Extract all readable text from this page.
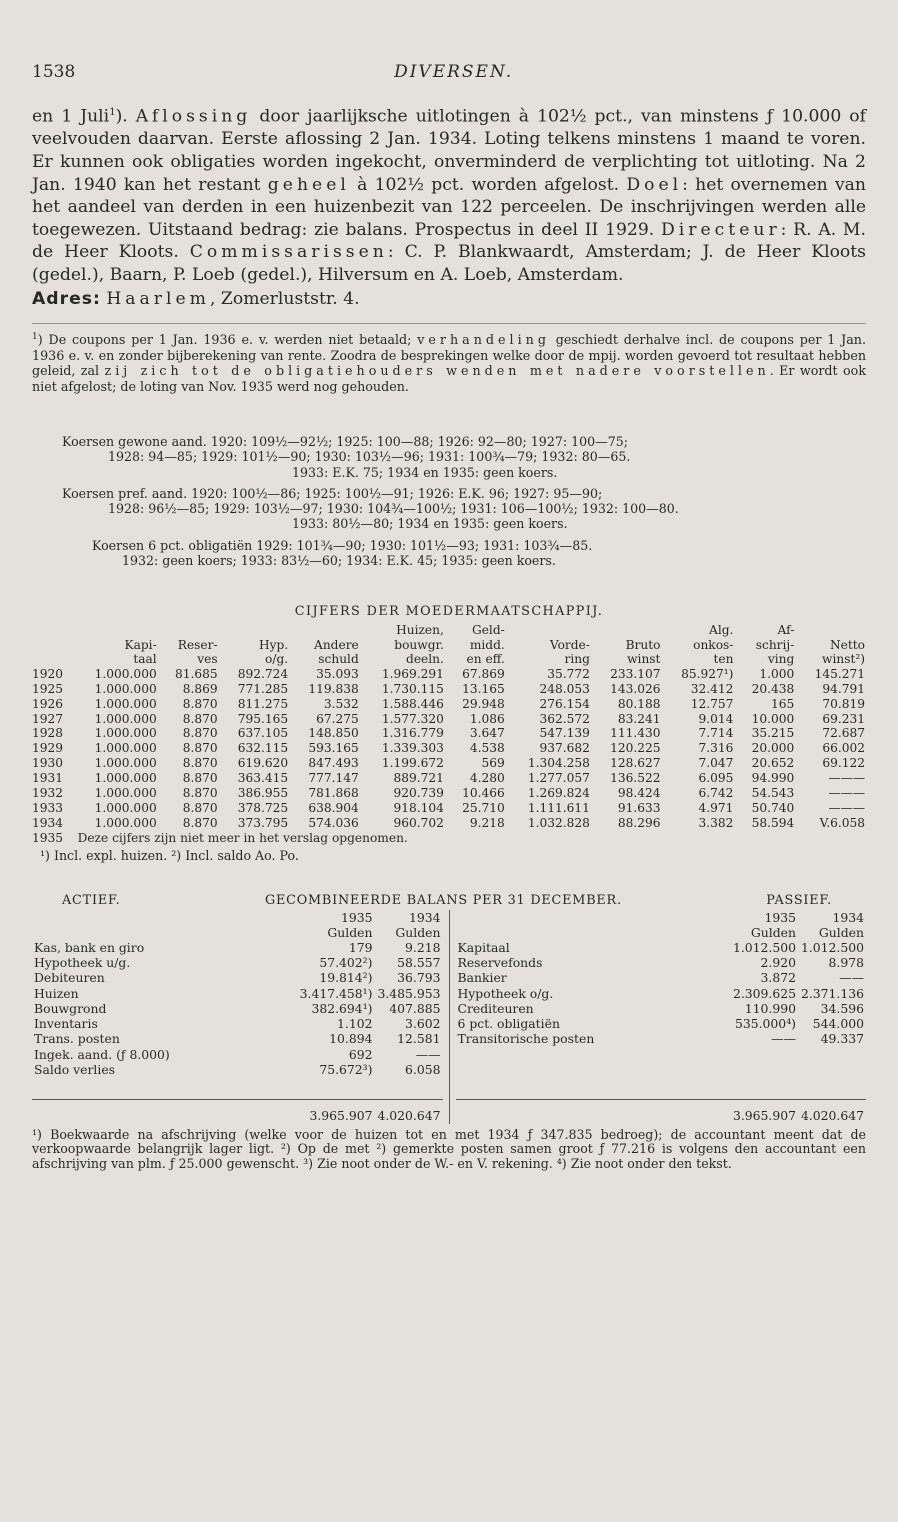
1538	DIVERSEN.

en 1 Juli$^1$). Aflossing door jaarlijksche uitlotingen à 102½ pct., van minstens ƒ 10.000 of veelvouden daarvan. Eerste aflossing 2 Jan. 1934. Loting telkens minstens 1 maand te voren. Er kunnen ook obligaties worden ingekocht, onverminderd de verplichting tot uitloting. Na 2 Jan. 1940 kan het restant geheel à 102½ pct. worden afgelost. Doel: het overnemen van het aandeel van derden in een huizenbezit van 122 perceelen. De inschrijvingen werden alle toegewezen. Uitstaand bedrag: zie balans. Prospectus in deel II 1929. Directeur: R. A. M. de Heer Kloots. Commissarissen: C. P. Blankwaardt, Amsterdam; J. de Heer Kloots (gedel.), Baarn, P. Loeb (gedel.), Hilversum en A. Loeb, Amsterdam.

Adres: Haarlem, Zomerluststr. 4.

$^1$) De coupons per 1 Jan. 1936 e. v. werden niet betaald; verhandeling geschiedt derhalve incl. de coupons per 1 Jan. 1936 e. v. en zonder bijberekening van rente. Zoodra de besprekingen welke door de mpij. worden gevoerd tot resultaat hebben geleid, zal zij zich tot de obligatiehouders wenden met nadere voorstellen. Er wordt ook niet afgelost; de loting van Nov. 1935 werd nog gehouden.
Koersen gewone aand. 1920: 109½—92½; 1925: 100—88; 1926: 92—80; 1927: 100—75;
1928: 94—85; 1929: 101½—90; 1930: 103½—96; 1931: 100¾—79; 1932: 80—65.
1933: E.K. 75; 1934 en 1935: geen koers.
Koersen pref. aand. 1920: 100½—86; 1925: 100½—91; 1926: E.K. 96; 1927: 95—90;
1928: 96½—85; 1929: 103½—97; 1930: 104¾—100½; 1931: 106—100½; 1932: 100—80.
1933: 80½—80; 1934 en 1935: geen koers.
Koersen 6 pct. obligatiën 1929: 101¾—90; 1930: 101½—93; 1931: 103¾—85.
1932: geen koers; 1933: 83½—60; 1934: E.K. 45; 1935: geen koers.
CIJFERS DER MOEDERMAATSCHAPPIJ.
					Huizen,	Geld-			Alg.	Af-	
	Kapi-	Reser-	Hyp.	Andere	bouwgr.	midd.	Vorde-	Bruto	onkos-	schrij-	Netto
	taal	ves	o/g.	schuld	deeln.	en eff.	ring	winst	ten	ving	winst²)
1920	1.000.000	81.685	892.724	35.093	1.969.291	67.869	35.772	233.107	85.927¹)	1.000	145.271
1925	1.000.000	8.869	771.285	119.838	1.730.115	13.165	248.053	143.026	32.412	20.438	94.791
1926	1.000.000	8.870	811.275	3.532	1.588.446	29.948	276.154	80.188	12.757	165	70.819
1927	1.000.000	8.870	795.165	67.275	1.577.320	1.086	362.572	83.241	9.014	10.000	69.231
1928	1.000.000	8.870	637.105	148.850	1.316.779	3.647	547.139	111.430	7.714	35.215	72.687
1929	1.000.000	8.870	632.115	593.165	1.339.303	4.538	937.682	120.225	7.316	20.000	66.002
1930	1.000.000	8.870	619.620	847.493	1.199.672	569	1.304.258	128.627	7.047	20.652	69.122
1931	1.000.000	8.870	363.415	777.147	889.721	4.280	1.277.057	136.522	6.095	94.990	———
1932	1.000.000	8.870	386.955	781.868	920.739	10.466	1.269.824	98.424	6.742	54.543	———
1933	1.000.000	8.870	378.725	638.904	918.104	25.710	1.111.611	91.633	4.971	50.740	———
1934	1.000.000	8.870	373.795	574.036	960.702	9.218	1.032.828	88.296	3.382	58.594	V.6.058
1935	Deze cijfers zijn niet meer in het verslag opgenomen.										
¹) Incl. expl. huizen. ²) Incl. saldo Ao. Po.
ACTIEF.	GECOMBINEERDE BALANS PER 31 DECEMBER.	PASSIEF.
	1935	1934
	Gulden	Gulden
Kas, bank en giro	179	9.218
Hypotheek u/g.	57.402²)	58.557
Debiteuren	19.814²)	36.793
Huizen	3.417.458¹)	3.485.953
Bouwgrond	382.694¹)	407.885
Inventaris	1.102	3.602
Trans. posten	10.894	12.581
Ingek. aand. (ƒ 8.000)	692	——
Saldo verlies	75.672³)	6.058

	3.965.907	4.020.647
	1935	1934
	Gulden	Gulden
Kapitaal	1.012.500	1.012.500
Reservefonds	2.920	8.978
Bankier	3.872	——
Hypotheek o/g.	2.309.625	2.371.136
Crediteuren	110.990	34.596
6 pct. obligatiën	535.000⁴)	544.000
Transitorische posten	——	49.337

	3.965.907	4.020.647
¹) Boekwaarde na afschrijving (welke voor de huizen tot en met 1934 ƒ 347.835 bedroeg); de accountant meent dat de verkoopwaarde belangrijk lager ligt. ²) Op de met ²) gemerkte posten samen groot ƒ 77.216 is volgens den accountant een afschrijving van plm. ƒ 25.000 gewenscht. ³) Zie noot onder de W.- en V. rekening. ⁴) Zie noot onder den tekst.
